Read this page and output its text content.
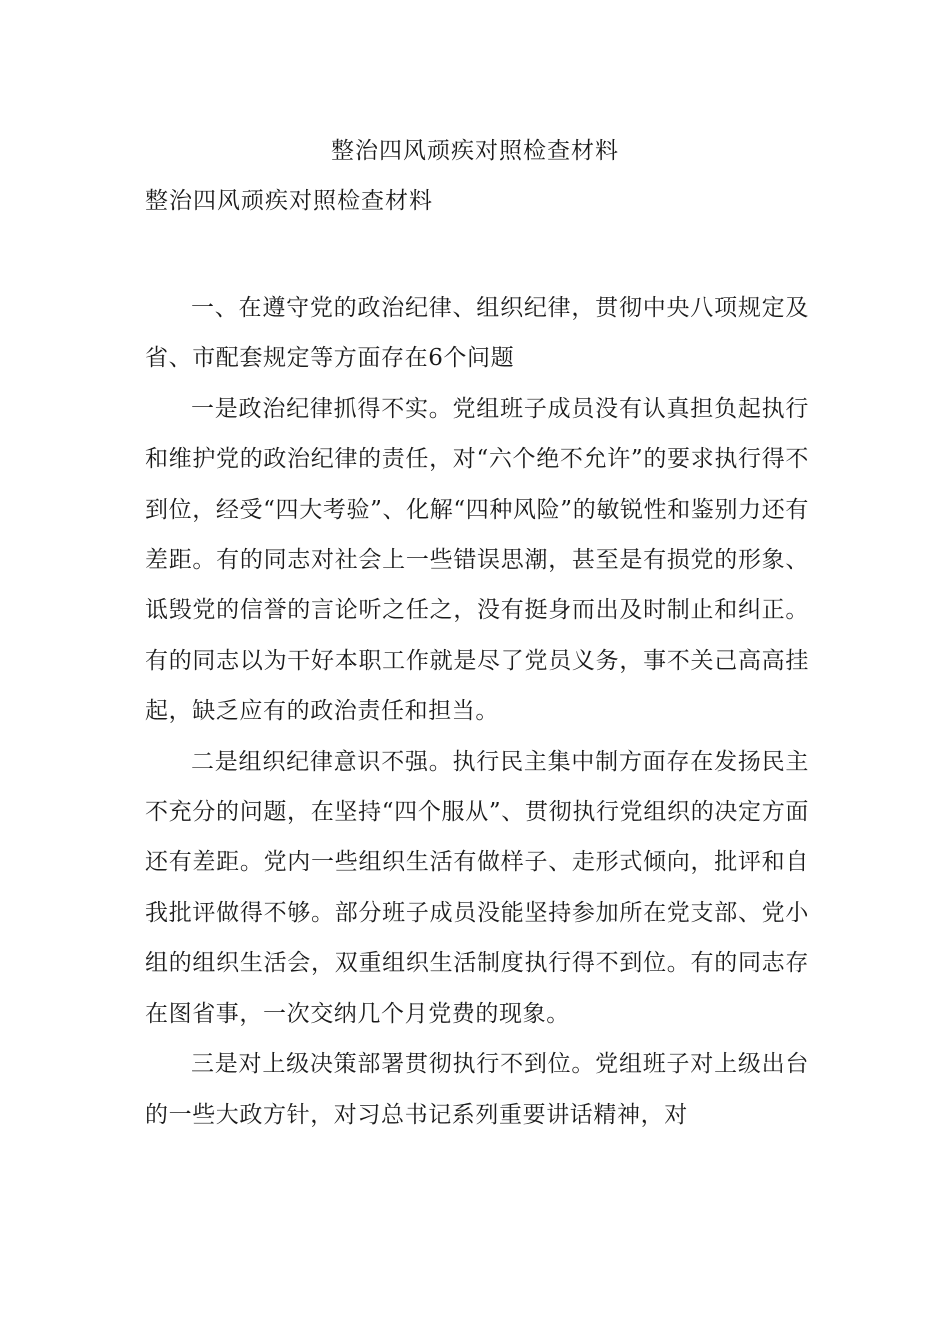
整治四风顽疾对照检查材料
整治四风顽疾对照检查材料

一、在遵守党的政治纪律、组织纪律，贯彻中央八项规定及省、市配套规定等方面存在6个问题

一是政治纪律抓得不实。党组班子成员没有认真担负起执行和维护党的政治纪律的责任，对“六个绝不允许”的要求执行得不到位，经受“四大考验”、化解“四种风险”的敏锐性和鉴别力还有差距。有的同志对社会上一些错误思潮，甚至是有损党的形象、诋毁党的信誉的言论听之任之，没有挺身而出及时制止和纠正。有的同志以为干好本职工作就是尽了党员义务，事不关己高高挂起，缺乏应有的政治责任和担当。

二是组织纪律意识不强。执行民主集中制方面存在发扬民主不充分的问题，在坚持“四个服从”、贯彻执行党组织的决定方面还有差距。党内一些组织生活有做样子、走形式倾向，批评和自我批评做得不够。部分班子成员没能坚持参加所在党支部、党小组的组织生活会，双重组织生活制度执行得不到位。有的同志存在图省事，一次交纳几个月党费的现象。

三是对上级决策部署贯彻执行不到位。党组班子对上级出台的一些大政方针，对习总书记系列重要讲话精神，对
